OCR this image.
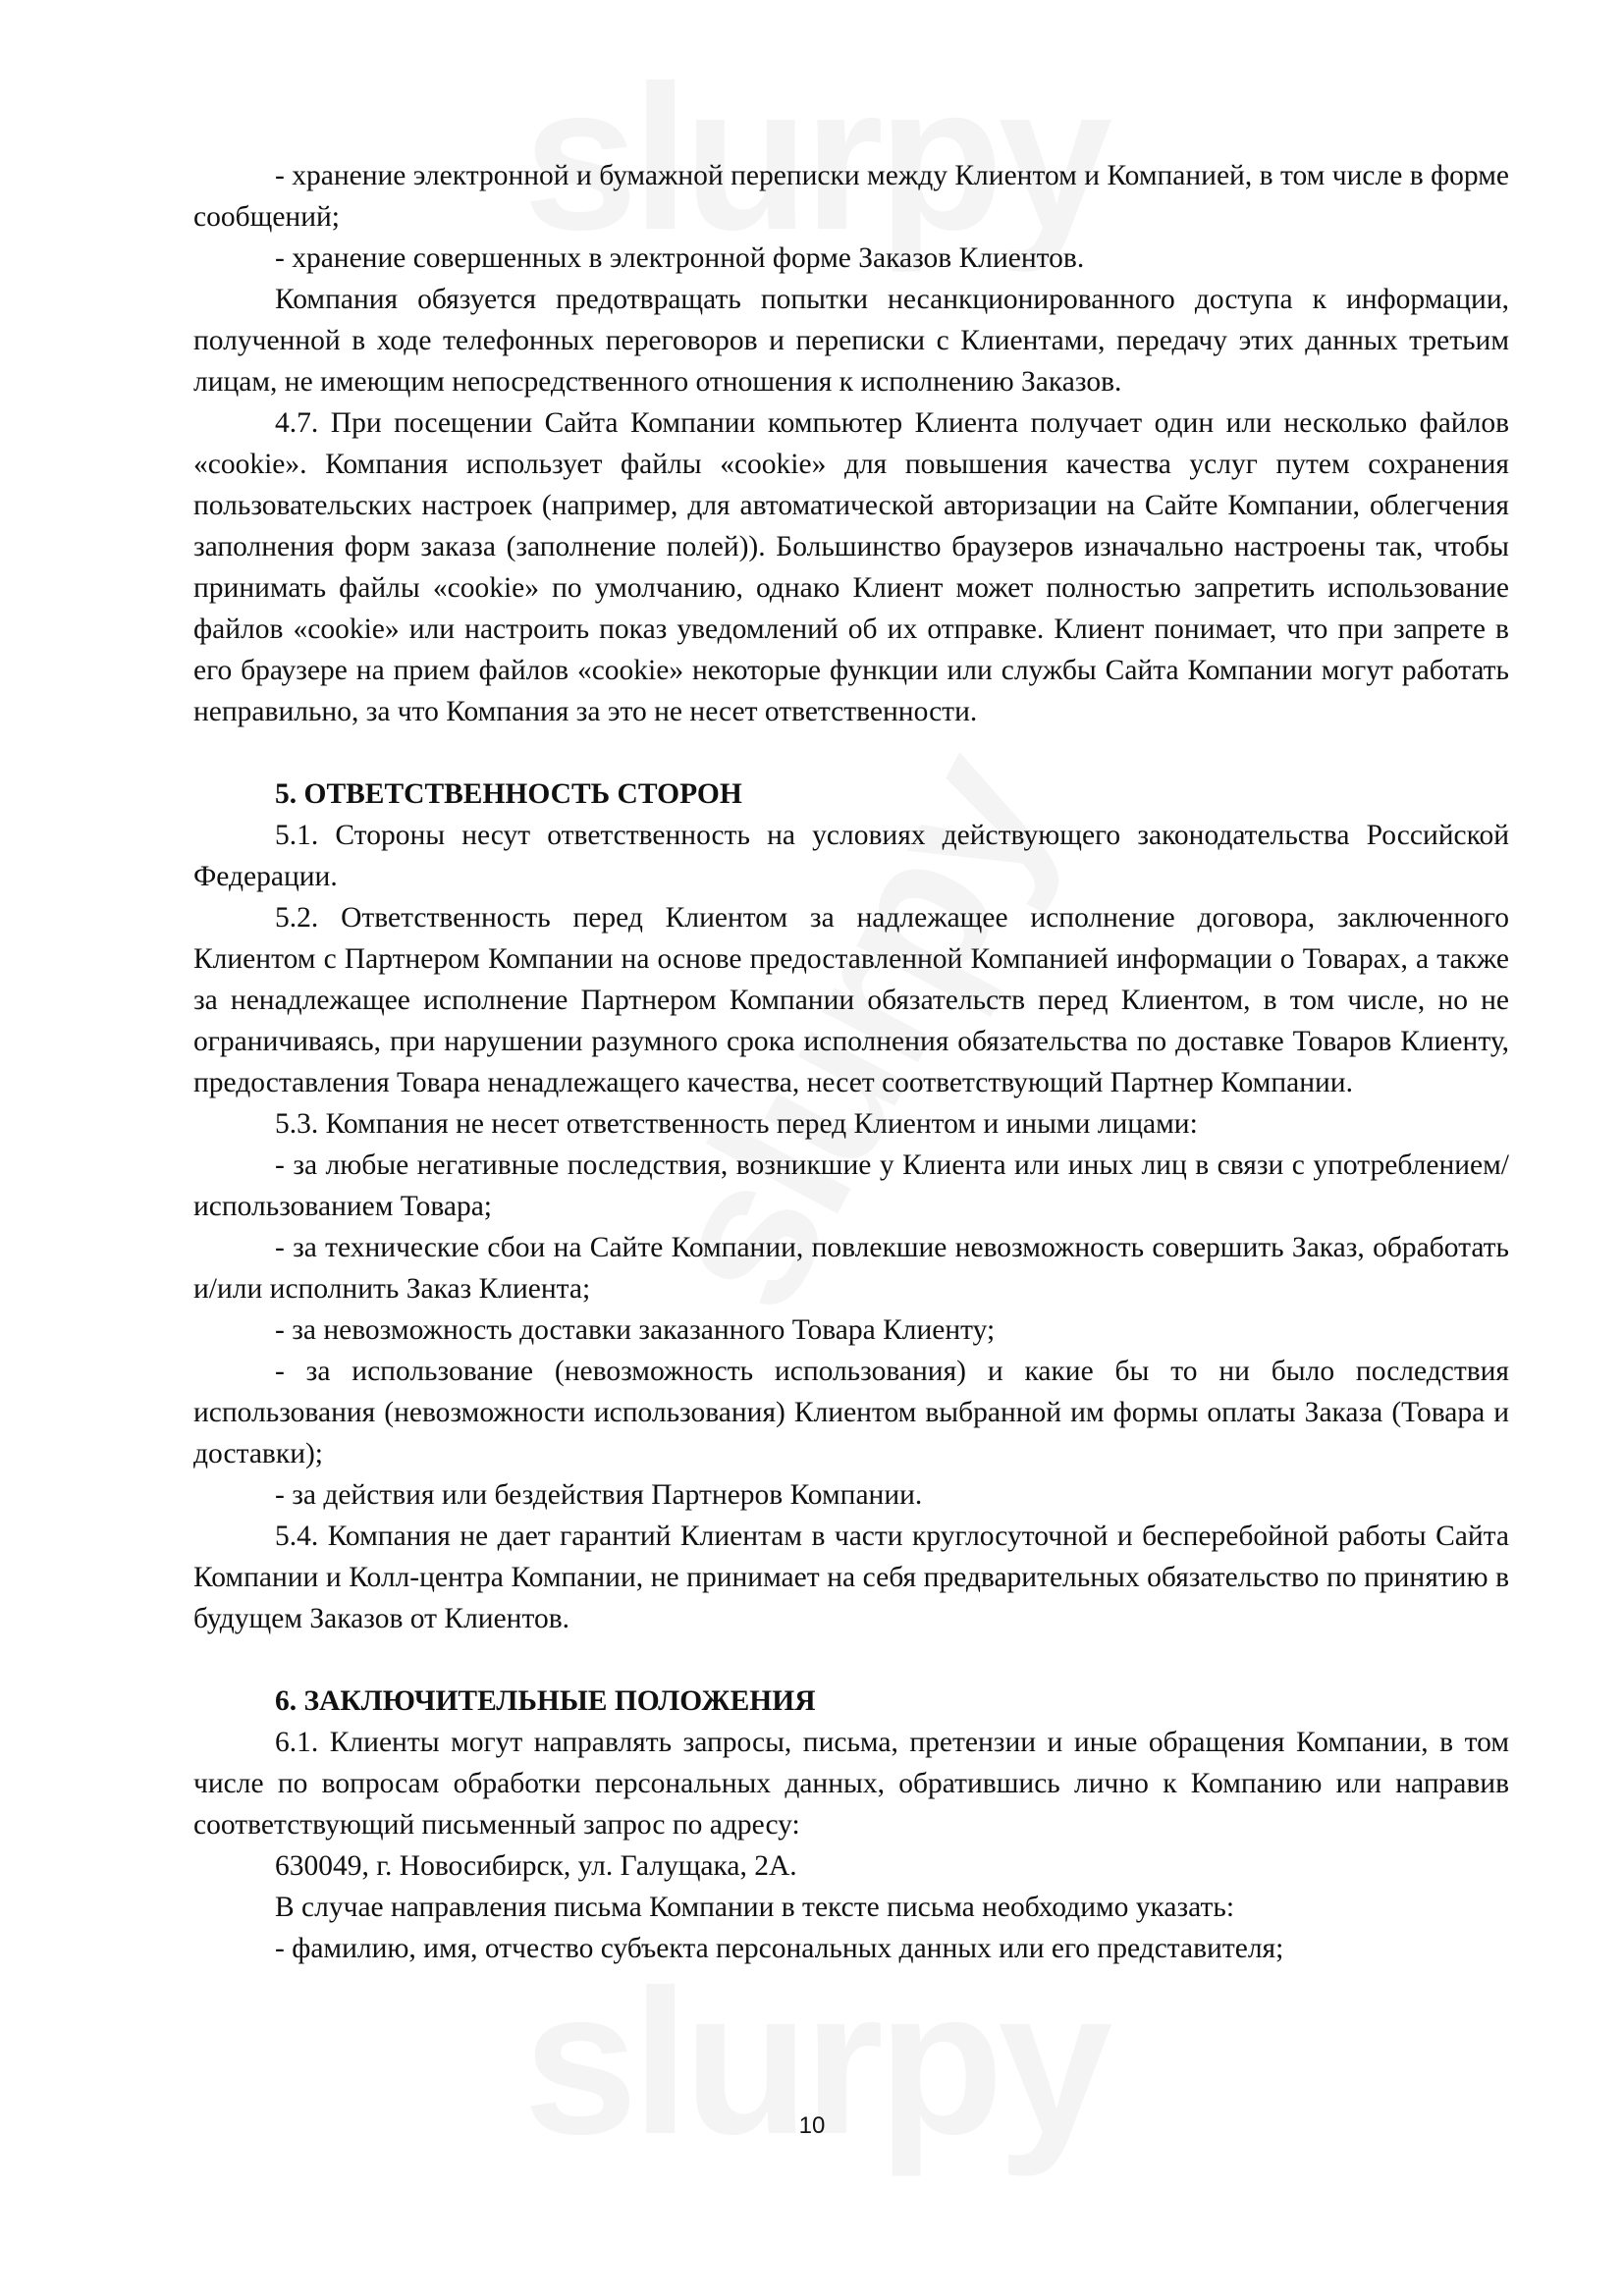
- хранение электронной и бумажной переписки между Клиентом и Компанией, в том числе в форме сообщений;

- хранение совершенных в электронной форме Заказов Клиентов.

Компания обязуется предотвращать попытки несанкционированного доступа к информации, полученной в ходе телефонных переговоров и переписки с Клиентами, передачу этих данных третьим лицам, не имеющим непосредственного отношения к исполнению Заказов.

4.7. При посещении Сайта Компании компьютер Клиента получает один или несколько файлов «cookie». Компания использует файлы «cookie» для повышения качества услуг путем сохранения пользовательских настроек (например, для автоматической авторизации на Сайте Компании, облегчения заполнения форм заказа (заполнение полей)). Большинство браузеров изначально настроены так, чтобы принимать файлы «cookie» по умолчанию, однако Клиент может полностью запретить использование файлов «cookie» или настроить показ уведомлений об их отправке. Клиент понимает, что при запрете в его браузере на прием файлов «cookie» некоторые функции или службы Сайта Компании могут работать неправильно, за что Компания за это не несет ответственности.

5. ОТВЕТСТВЕННОСТЬ СТОРОН

5.1. Стороны несут ответственность на условиях действующего законодательства Российской Федерации.

5.2. Ответственность перед Клиентом за надлежащее исполнение договора, заключенного Клиентом с Партнером Компании на основе предоставленной Компанией информации о Товарах, а также за ненадлежащее исполнение Партнером Компании обязательств перед Клиентом, в том числе, но не ограничиваясь, при нарушении разумного срока исполнения обязательства по доставке Товаров Клиенту, предоставления Товара ненадлежащего качества, несет соответствующий Партнер Компании.

5.3. Компания не несет ответственность перед Клиентом и иными лицами:

- за любые негативные последствия, возникшие у Клиента или иных лиц в связи с употреблением/использованием Товара;

- за технические сбои на Сайте Компании, повлекшие невозможность совершить Заказ, обработать и/или исполнить Заказ Клиента;

- за невозможность доставки заказанного Товара Клиенту;

- за использование (невозможность использования) и какие бы то ни было последствия использования (невозможности использования) Клиентом выбранной им формы оплаты Заказа (Товара и доставки);

- за действия или бездействия Партнеров Компании.

5.4. Компания не дает гарантий Клиентам в части круглосуточной и бесперебойной работы Сайта Компании и Колл-центра Компании, не принимает на себя предварительных обязательство по принятию в будущем Заказов от Клиентов.

6. ЗАКЛЮЧИТЕЛЬНЫЕ ПОЛОЖЕНИЯ

6.1. Клиенты могут направлять запросы, письма, претензии и иные обращения Компании, в том числе по вопросам обработки персональных данных, обратившись лично к Компанию или направив соответствующий письменный запрос по адресу:

630049, г. Новосибирск, ул. Галущака, 2А.

В случае направления письма Компании в тексте письма необходимо указать:

- фамилию, имя, отчество субъекта персональных данных или его представителя;

10
